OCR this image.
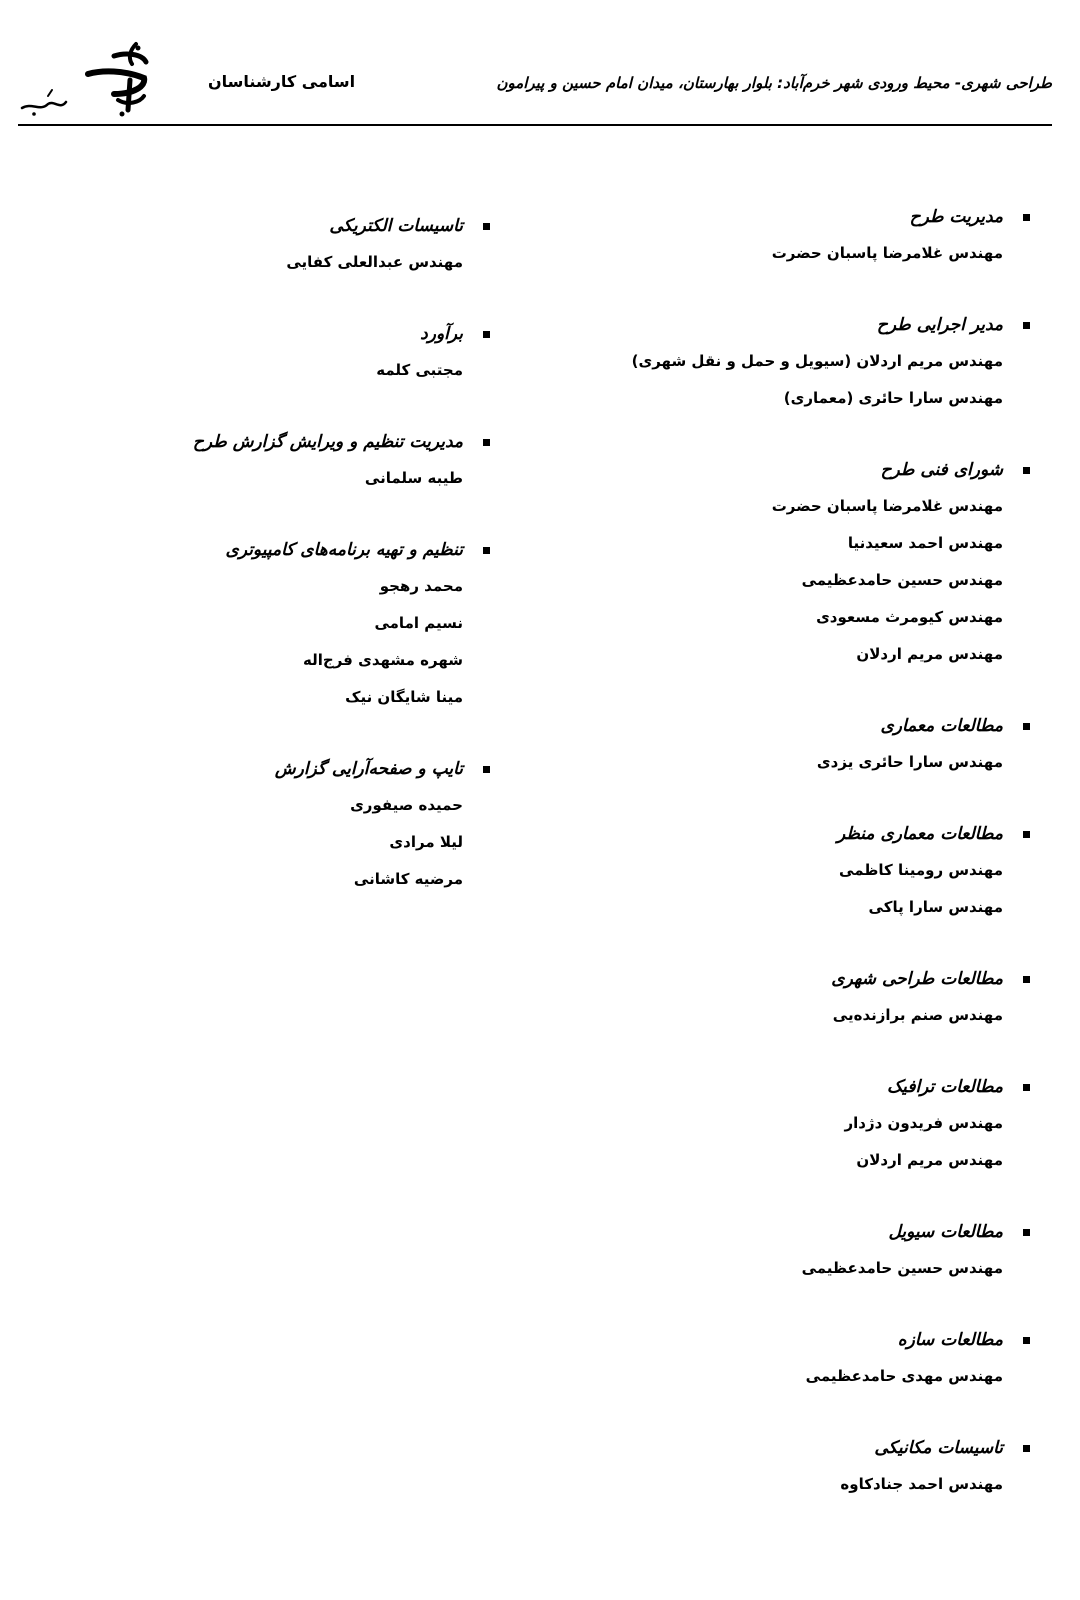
اسامی کارشناسان	طراحی شهری- محیط ورودی شهر خرم‌آباد: بلوار بهارستان، میدان امام حسین و پیرامون
مدیریت طرح
مهندس غلامرضا پاسبان حضرت
مدیر اجرایی طرح
مهندس مریم اردلان (سیویل و حمل و نقل شهری)
مهندس سارا حائری (معماری)
شورای فنی طرح
مهندس غلامرضا پاسبان حضرت
مهندس احمد سعیدنیا
مهندس حسین حامدعظیمی
مهندس کیومرث مسعودی
مهندس مریم اردلان
مطالعات معماری
مهندس سارا حائری یزدی
مطالعات معماری منظر
مهندس رومینا کاظمی
مهندس سارا پاکی
مطالعات طراحی شهری
مهندس صنم برازنده‌یی
مطالعات ترافیک
مهندس فریدون دژدار
مهندس مریم اردلان
مطالعات سیویل
مهندس حسین حامدعظیمی
مطالعات سازه
مهندس مهدی حامدعظیمی
تاسیسات مکانیکی
مهندس احمد جنادکاوه
تاسیسات الکتریکی
مهندس عبدالعلی کفایی
برآورد
مجتبی کلمه
مدیریت تنظیم و ویرایش گزارش طرح
طیبه سلمانی
تنظیم و تهیه برنامه‌های کامپیوتری
محمد رهجو
نسیم امامی
شهره مشهدی فرج‌اله
مینا شایگان نیک
تایپ و صفحه‌آرایی گزارش
حمیده صیفوری
لیلا مرادی
مرضیه کاشانی
